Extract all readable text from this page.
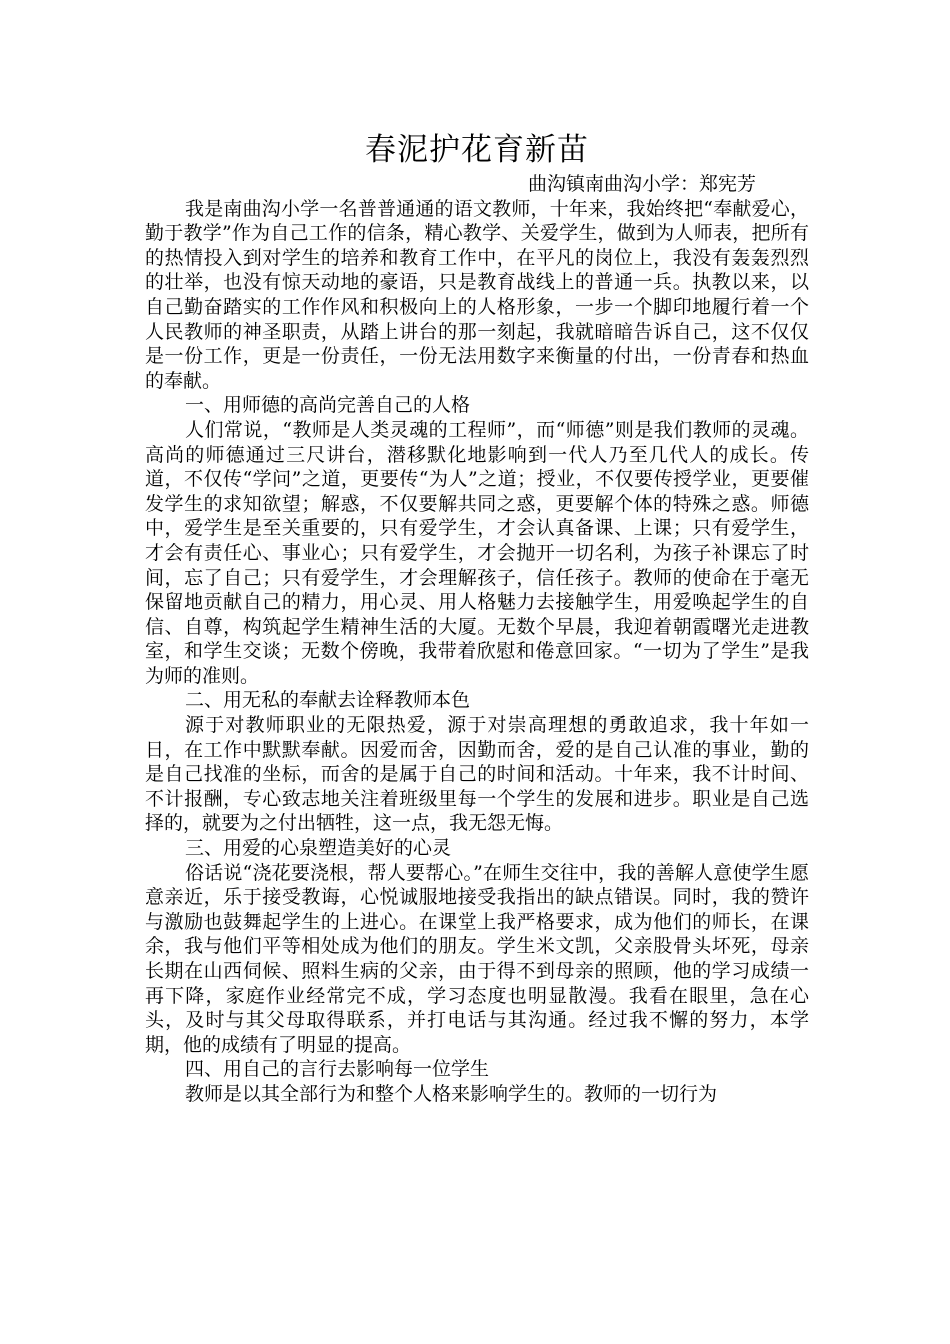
春泥护花育新苗

曲沟镇南曲沟小学：郑宪芳

我是南曲沟小学一名普普通通的语文教师，十年来，我始终把“奉献爱心，勤于教学”作为自己工作的信条，精心教学、关爱学生，做到为人师表，把所有的热情投入到对学生的培养和教育工作中，在平凡的岗位上，我没有轰轰烈烈的壮举，也没有惊天动地的豪语，只是教育战线上的普通一兵。执教以来，以自己勤奋踏实的工作作风和积极向上的人格形象，一步一个脚印地履行着一个人民教师的神圣职责，从踏上讲台的那一刻起，我就暗暗告诉自己，这不仅仅是一份工作，更是一份责任，一份无法用数字来衡量的付出，一份青春和热血的奉献。

一、用师德的高尚完善自己的人格

人们常说，“教师是人类灵魂的工程师”，而“师德”则是我们教师的灵魂。高尚的师德通过三尺讲台，潜移默化地影响到一代人乃至几代人的成长。传道，不仅传“学问”之道，更要传“为人”之道；授业，不仅要传授学业，更要催发学生的求知欲望；解惑，不仅要解共同之惑，更要解个体的特殊之惑。师德中，爱学生是至关重要的，只有爱学生，才会认真备课、上课；只有爱学生，才会有责任心、事业心；只有爱学生，才会抛开一切名利，为孩子补课忘了时间，忘了自己；只有爱学生，才会理解孩子，信任孩子。教师的使命在于毫无保留地贡献自己的精力，用心灵、用人格魅力去接触学生，用爱唤起学生的自信、自尊，构筑起学生精神生活的大厦。无数个早晨，我迎着朝霞曙光走进教室，和学生交谈；无数个傍晚，我带着欣慰和倦意回家。“一切为了学生”是我为师的准则。

二、用无私的奉献去诠释教师本色

源于对教师职业的无限热爱，源于对崇高理想的勇敢追求，我十年如一日，在工作中默默奉献。因爱而舍，因勤而舍，爱的是自己认准的事业，勤的是自己找准的坐标，而舍的是属于自己的时间和活动。十年来，我不计时间、不计报酬，专心致志地关注着班级里每一个学生的发展和进步。职业是自己选择的，就要为之付出牺牲，这一点，我无怨无悔。

三、用爱的心泉塑造美好的心灵

俗话说“浇花要浇根，帮人要帮心。”在师生交往中，我的善解人意使学生愿意亲近，乐于接受教诲，心悦诚服地接受我指出的缺点错误。同时，我的赞许与激励也鼓舞起学生的上进心。在课堂上我严格要求，成为他们的师长，在课余，我与他们平等相处成为他们的朋友。学生米文凯，父亲股骨头坏死，母亲长期在山西伺候、照料生病的父亲，由于得不到母亲的照顾，他的学习成绩一再下降，家庭作业经常完不成，学习态度也明显散漫。我看在眼里，急在心头，及时与其父母取得联系，并打电话与其沟通。经过我不懈的努力，本学期，他的成绩有了明显的提高。

四、用自己的言行去影响每一位学生

教师是以其全部行为和整个人格来影响学生的。教师的一切行为
